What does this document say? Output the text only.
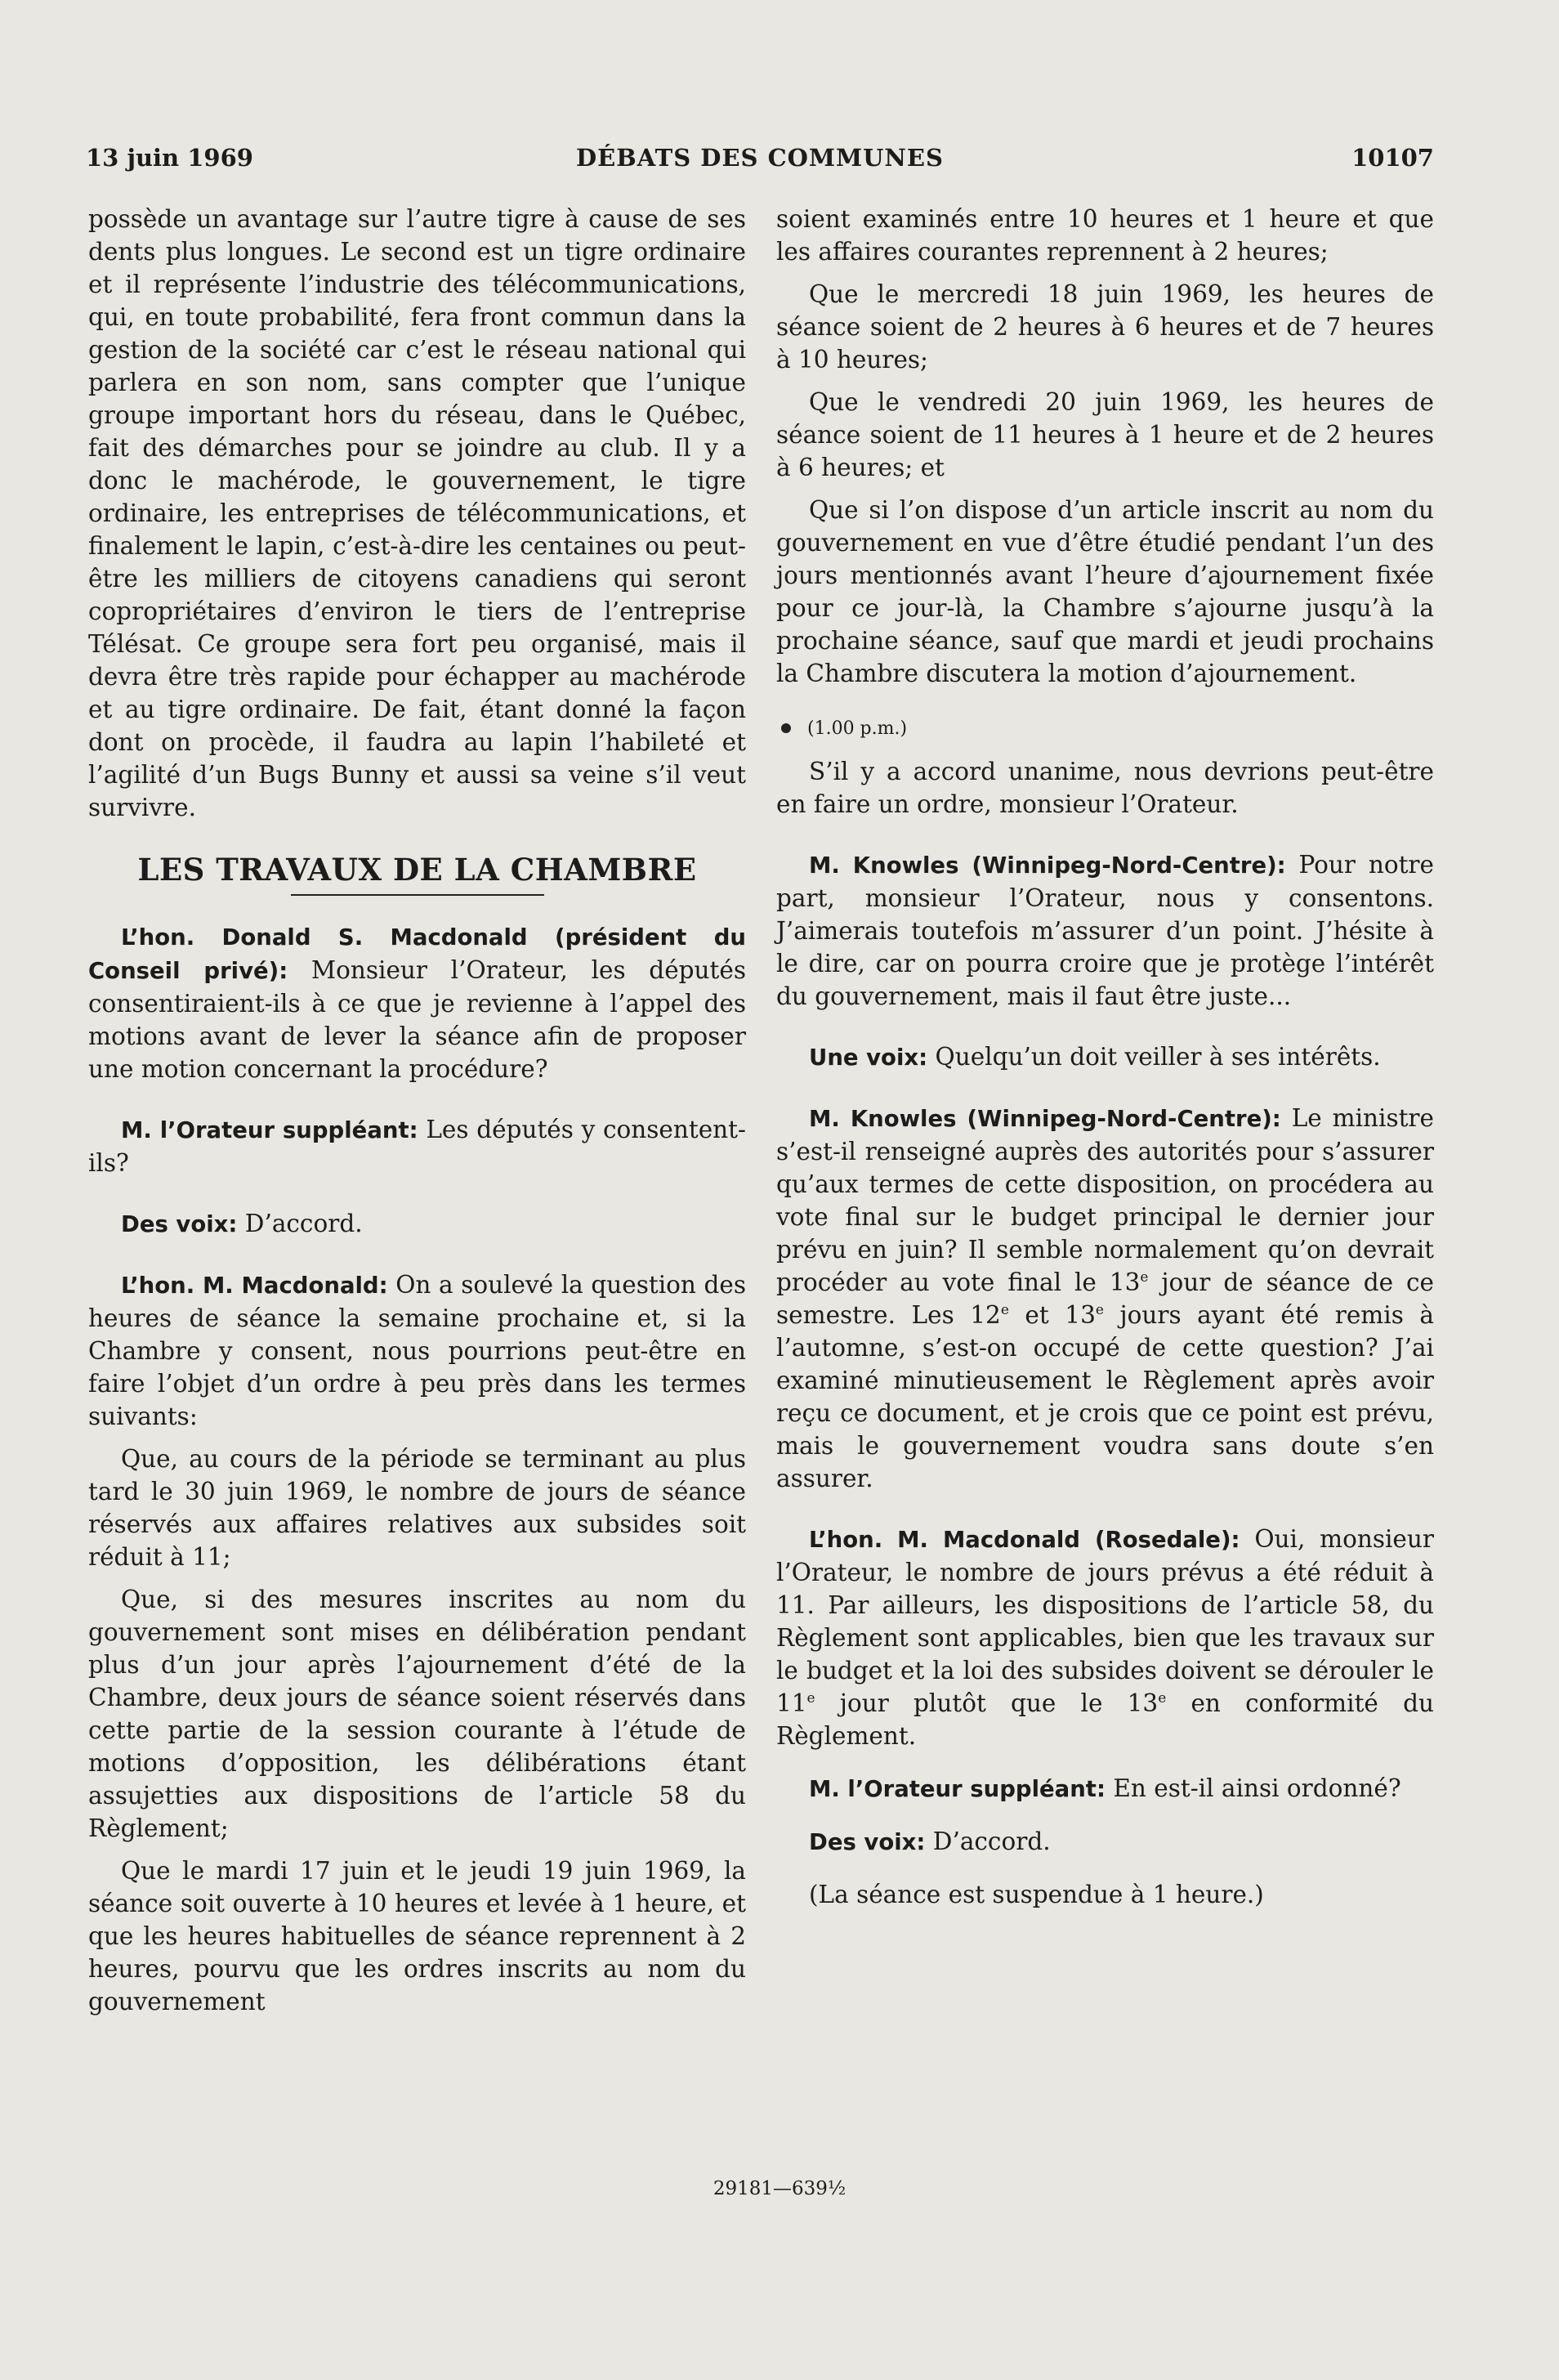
13 juin 1969	DÉBATS DES COMMUNES	10107

possède un avantage sur l’autre tigre à cause de ses dents plus longues. Le second est un tigre ordinaire et il représente l’industrie des télécommunications, qui, en toute probabilité, fera front commun dans la gestion de la société car c’est le réseau national qui parlera en son nom, sans compter que l’unique groupe important hors du réseau, dans le Québec, fait des démarches pour se joindre au club. Il y a donc le machérode, le gouvernement, le tigre ordinaire, les entreprises de télécommunications, et finalement le lapin, c’est-à-dire les centaines ou peut-être les milliers de citoyens canadiens qui seront copropriétaires d’environ le tiers de l’entreprise Télésat. Ce groupe sera fort peu organisé, mais il devra être très rapide pour échapper au machérode et au tigre ordinaire. De fait, étant donné la façon dont on procède, il faudra au lapin l’habileté et l’agilité d’un Bugs Bunny et aussi sa veine s’il veut survivre.

LES TRAVAUX DE LA CHAMBRE

L’hon. Donald S. Macdonald (président du Conseil privé): Monsieur l’Orateur, les députés consentiraient-ils à ce que je revienne à l’appel des motions avant de lever la séance afin de proposer une motion concernant la procédure?

M. l’Orateur suppléant: Les députés y consentent-ils?

Des voix: D’accord.

L’hon. M. Macdonald: On a soulevé la question des heures de séance la semaine prochaine et, si la Chambre y consent, nous pourrions peut-être en faire l’objet d’un ordre à peu près dans les termes suivants:

Que, au cours de la période se terminant au plus tard le 30 juin 1969, le nombre de jours de séance réservés aux affaires relatives aux subsides soit réduit à 11;

Que, si des mesures inscrites au nom du gouvernement sont mises en délibération pendant plus d’un jour après l’ajournement d’été de la Chambre, deux jours de séance soient réservés dans cette partie de la session courante à l’étude de motions d’opposition, les délibérations étant assujetties aux dispositions de l’article 58 du Règlement;

Que le mardi 17 juin et le jeudi 19 juin 1969, la séance soit ouverte à 10 heures et levée à 1 heure, et que les heures habituelles de séance reprennent à 2 heures, pourvu que les ordres inscrits au nom du gouvernement

soient examinés entre 10 heures et 1 heure et que les affaires courantes reprennent à 2 heures;

Que le mercredi 18 juin 1969, les heures de séance soient de 2 heures à 6 heures et de 7 heures à 10 heures;

Que le vendredi 20 juin 1969, les heures de séance soient de 11 heures à 1 heure et de 2 heures à 6 heures; et

Que si l’on dispose d’un article inscrit au nom du gouvernement en vue d’être étudié pendant l’un des jours mentionnés avant l’heure d’ajournement fixée pour ce jour-là, la Chambre s’ajourne jusqu’à la prochaine séance, sauf que mardi et jeudi prochains la Chambre discutera la motion d’ajournement.

(1.00 p.m.)

S’il y a accord unanime, nous devrions peut-être en faire un ordre, monsieur l’Orateur.

M. Knowles (Winnipeg-Nord-Centre): Pour notre part, monsieur l’Orateur, nous y consentons. J’aimerais toutefois m’assurer d’un point. J’hésite à le dire, car on pourra croire que je protège l’intérêt du gouvernement, mais il faut être juste...

Une voix: Quelqu’un doit veiller à ses intérêts.

M. Knowles (Winnipeg-Nord-Centre): Le ministre s’est-il renseigné auprès des autorités pour s’assurer qu’aux termes de cette disposition, on procédera au vote final sur le budget principal le dernier jour prévu en juin? Il semble normalement qu’on devrait procéder au vote final le 13e jour de séance de ce semestre. Les 12e et 13e jours ayant été remis à l’automne, s’est-on occupé de cette question? J’ai examiné minutieusement le Règlement après avoir reçu ce document, et je crois que ce point est prévu, mais le gouvernement voudra sans doute s’en assurer.

L’hon. M. Macdonald (Rosedale): Oui, monsieur l’Orateur, le nombre de jours prévus a été réduit à 11. Par ailleurs, les dispositions de l’article 58, du Règlement sont applicables, bien que les travaux sur le budget et la loi des subsides doivent se dérouler le 11e jour plutôt que le 13e en conformité du Règlement.

M. l’Orateur suppléant: En est-il ainsi ordonné?

Des voix: D’accord.

(La séance est suspendue à 1 heure.)

29181—639½
